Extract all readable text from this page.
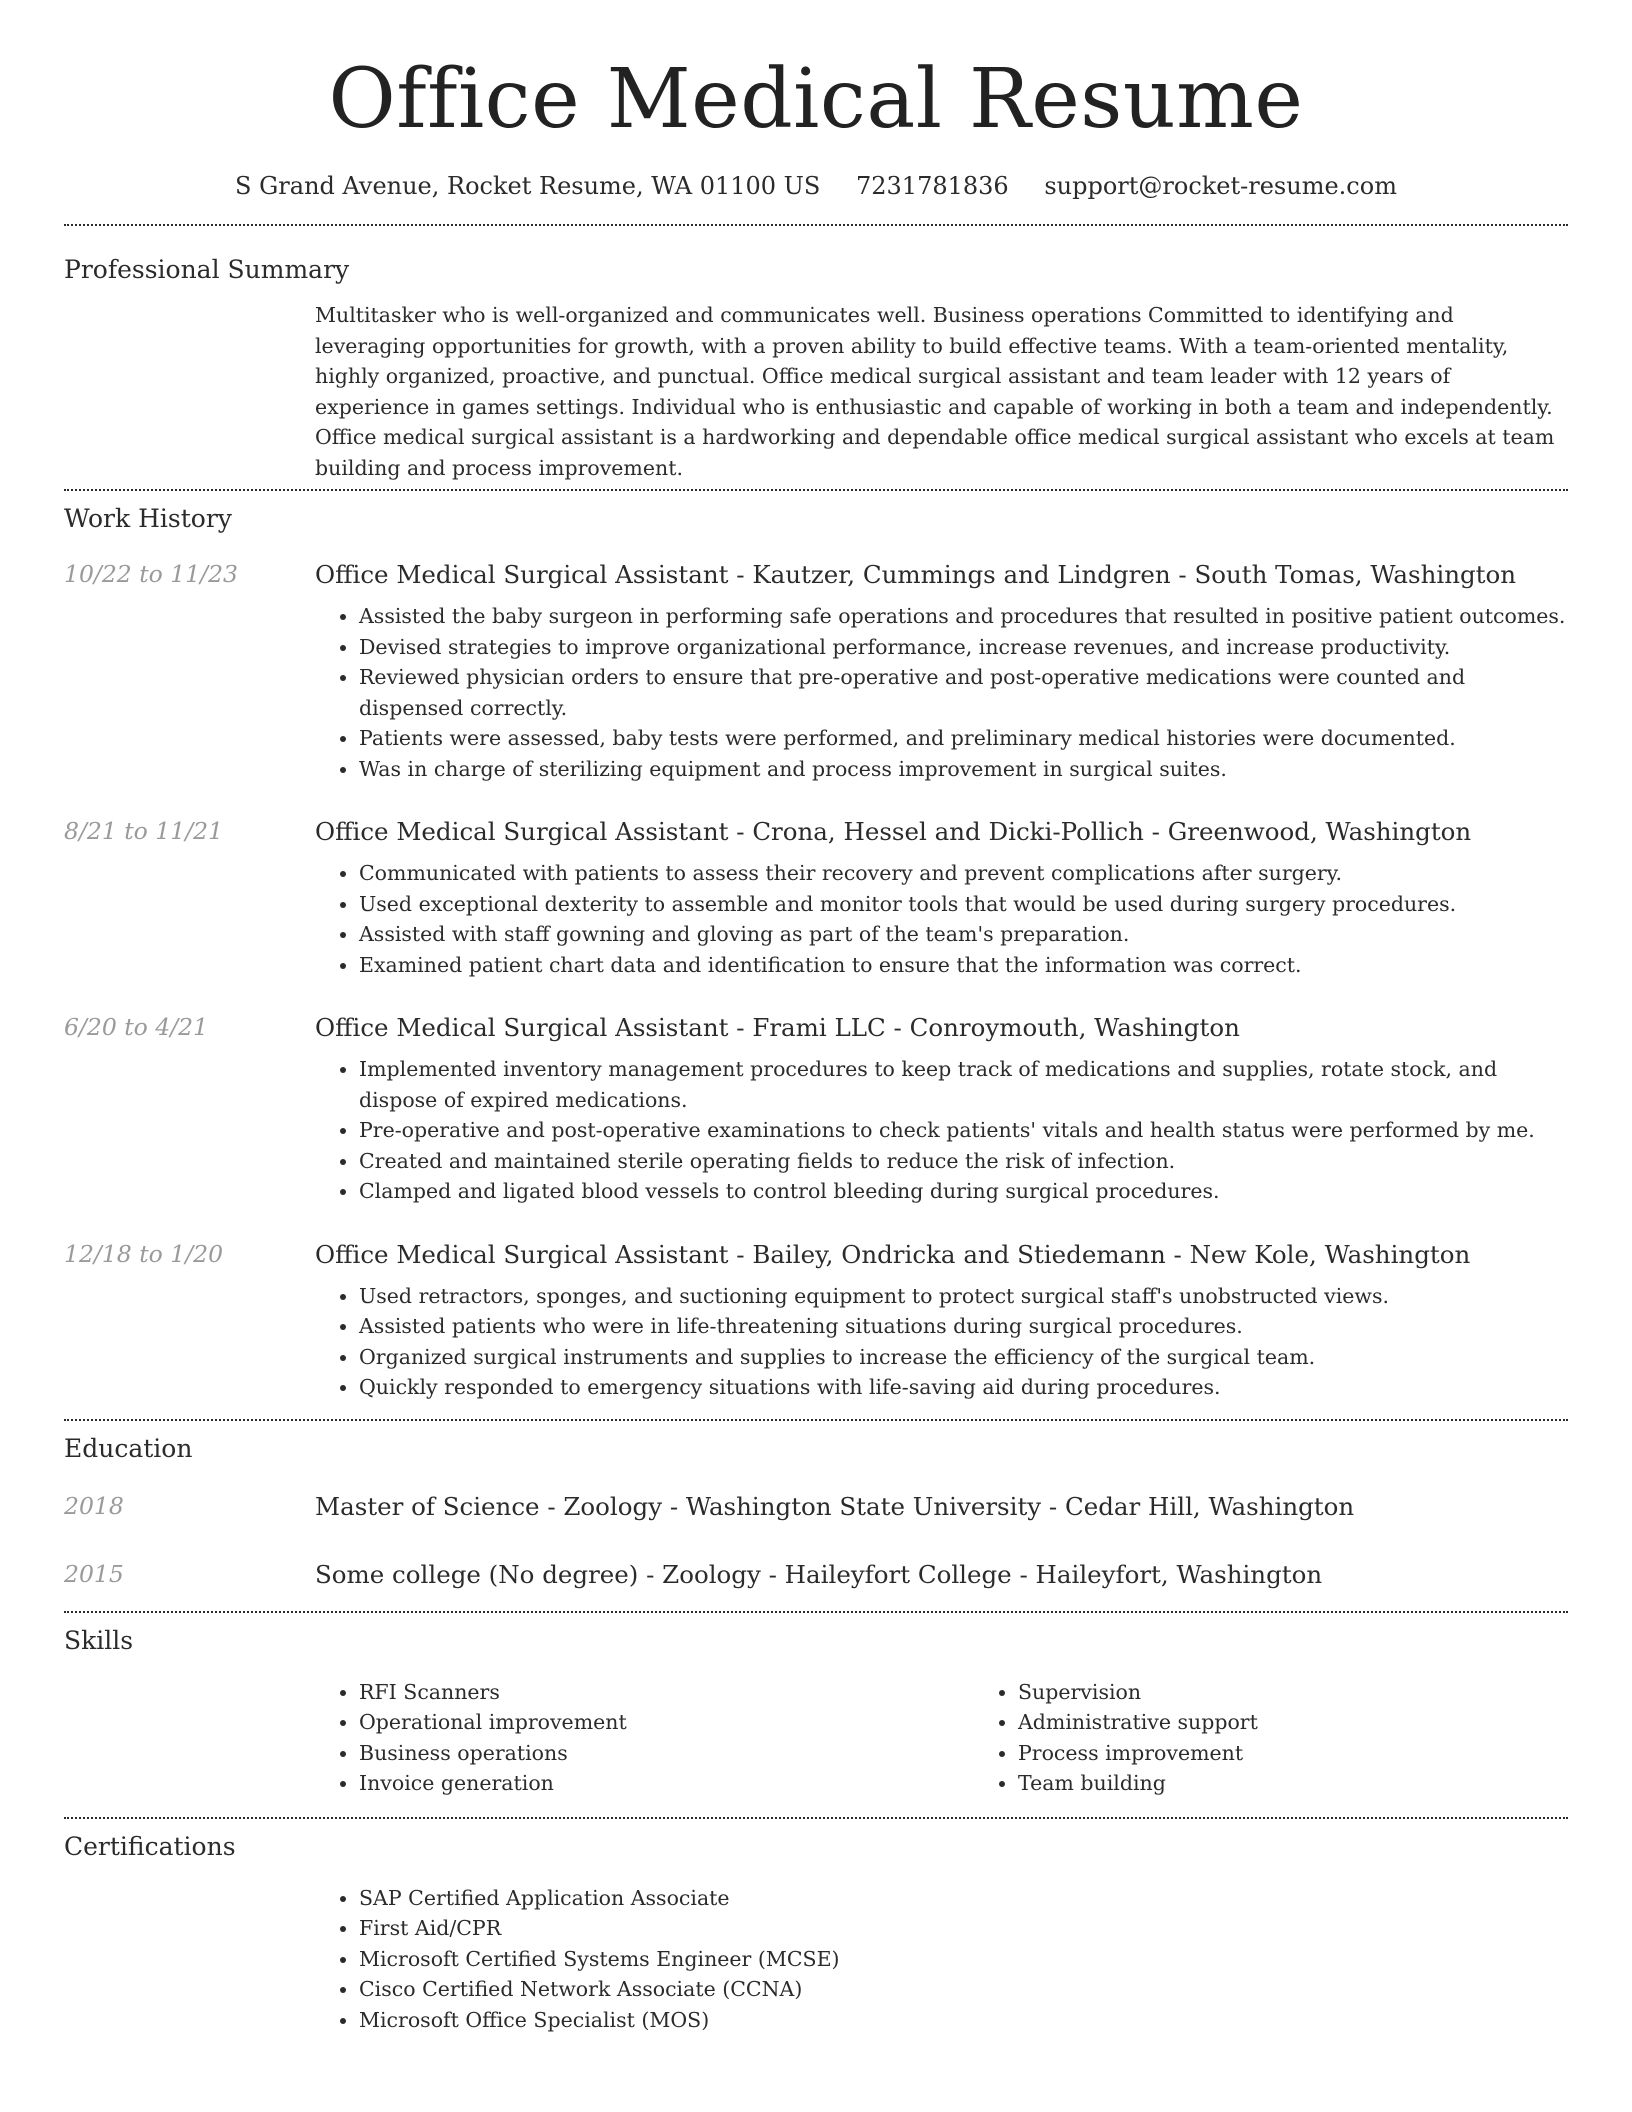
Office Medical Resume
S Grand Avenue, Rocket Resume, WA 01100 US 7231781836 support@rocket-resume.com
Professional Summary

Multitasker who is well-organized and communicates well. Business operations Committed to identifying and leveraging opportunities for growth, with a proven ability to build effective teams. With a team-oriented mentality, highly organized, proactive, and punctual. Office medical surgical assistant and team leader with 12 years of experience in games settings. Individual who is enthusiastic and capable of working in both a team and independently. Office medical surgical assistant is a hardworking and dependable office medical surgical assistant who excels at team building and process improvement.

Work History
10/22 to 11/23	Office Medical Surgical Assistant - Kautzer, Cummings and Lindgren - South Tomas, Washington
• Assisted the baby surgeon in performing safe operations and procedures that resulted in positive patient outcomes.
• Devised strategies to improve organizational performance, increase revenues, and increase productivity.
• Reviewed physician orders to ensure that pre-operative and post-operative medications were counted and dispensed correctly.
• Patients were assessed, baby tests were performed, and preliminary medical histories were documented.
• Was in charge of sterilizing equipment and process improvement in surgical suites.
8/21 to 11/21	Office Medical Surgical Assistant - Crona, Hessel and Dicki-Pollich - Greenwood, Washington
• Communicated with patients to assess their recovery and prevent complications after surgery.
• Used exceptional dexterity to assemble and monitor tools that would be used during surgery procedures.
• Assisted with staff gowning and gloving as part of the team's preparation.
• Examined patient chart data and identification to ensure that the information was correct.
6/20 to 4/21	Office Medical Surgical Assistant - Frami LLC - Conroymouth, Washington
• Implemented inventory management procedures to keep track of medications and supplies, rotate stock, and dispose of expired medications.
• Pre-operative and post-operative examinations to check patients' vitals and health status were performed by me.
• Created and maintained sterile operating fields to reduce the risk of infection.
• Clamped and ligated blood vessels to control bleeding during surgical procedures.
12/18 to 1/20	Office Medical Surgical Assistant - Bailey, Ondricka and Stiedemann - New Kole, Washington
• Used retractors, sponges, and suctioning equipment to protect surgical staff's unobstructed views.
• Assisted patients who were in life-threatening situations during surgical procedures.
• Organized surgical instruments and supplies to increase the efficiency of the surgical team.
• Quickly responded to emergency situations with life-saving aid during procedures.
Education
2018	Master of Science - Zoology - Washington State University - Cedar Hill, Washington
2015	Some college (No degree) - Zoology - Haileyfort College - Haileyfort, Washington
Skills
• RFI Scanners
• Operational improvement
• Business operations
• Invoice generation
• Supervision
• Administrative support
• Process improvement
• Team building
Certifications
• SAP Certified Application Associate
• First Aid/CPR
• Microsoft Certified Systems Engineer (MCSE)
• Cisco Certified Network Associate (CCNA)
• Microsoft Office Specialist (MOS)
